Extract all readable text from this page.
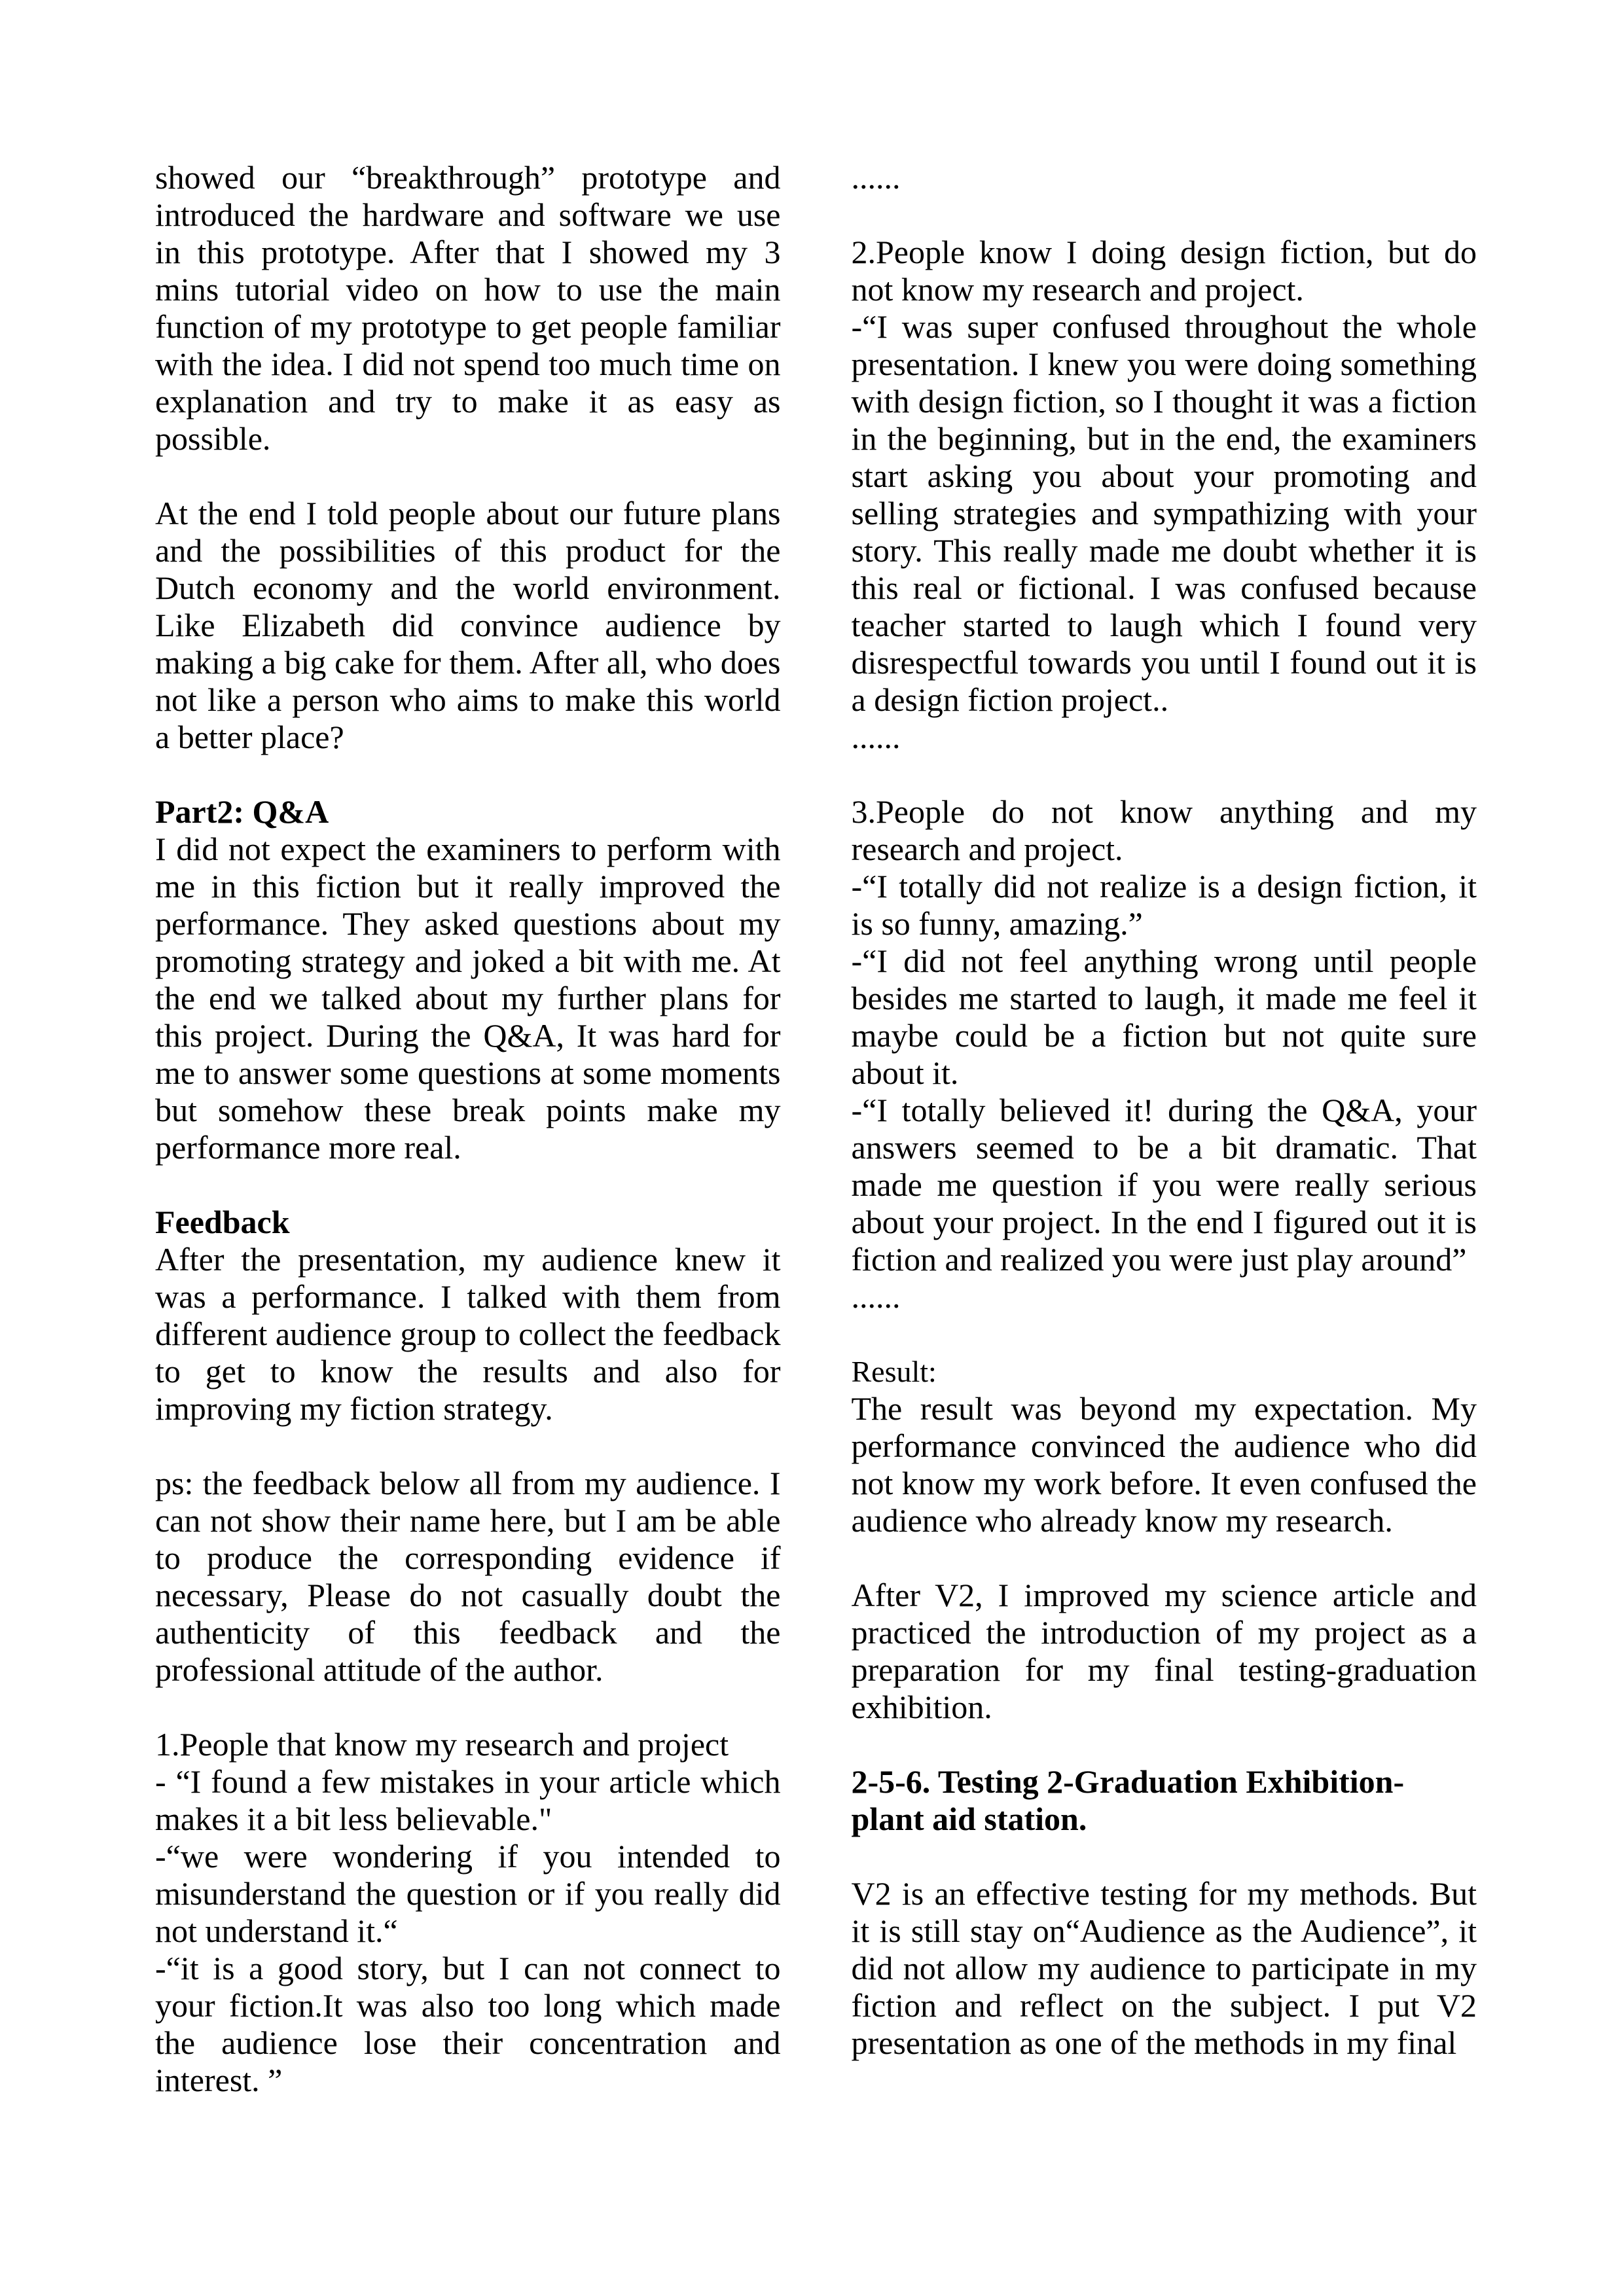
showed our “breakthrough” prototype and introduced the hardware and software we use in this prototype. After that I showed my 3 mins tutorial video on how to use the main function of my prototype to get people familiar with the idea. I did not spend too much time on explanation and try to make it as easy as possible.
At the end I told people about our future plans and the possibilities of this product for the Dutch economy and the world environment. Like Elizabeth did convince audience by making a big cake for them. After all, who does not like a person who aims to make this world a better place?
Part2: Q&A
I did not expect the examiners to perform with me in this fiction but it really improved the performance. They asked questions about my promoting strategy and joked a bit with me. At the end we talked about my further plans for this project. During the Q&A, It was hard for me to answer some questions at some moments but somehow these break points make my performance more real.
Feedback
After the presentation, my audience knew it was a performance. I talked with them from different audience group to collect the feedback to get to know the results and also for improving my fiction strategy.
ps: the feedback below all from my audience. I can not show their name here, but I am be able to produce the corresponding evidence if necessary, Please do not casually doubt the authenticity of this feedback and the professional attitude of the author.
1.People that know my research and project
- “I found a few mistakes in your article which makes it a bit less believable."
-“we were wondering if you intended to misunderstand the question or if you really did not understand it.“
-“it is a good story, but I can not connect to your fiction.It was also too long which made the audience lose their concentration and interest. ”
......
2.People know I doing design fiction, but do not know my research and project.
-“I was super confused throughout the whole presentation. I knew you were doing something with design fiction, so I thought it was a fiction in the beginning, but in the end, the examiners start asking you about your promoting and selling strategies and sympathizing with your story. This really made me doubt whether it is this real or fictional. I was confused because teacher started to laugh which I found very disrespectful towards you until I found out it is a design fiction project..
......
3.People do not know anything and my research and project.
-“I totally did not realize is a design fiction, it is so funny, amazing.”
-“I did not feel anything wrong until people besides me started to laugh, it made me feel it maybe could be a fiction but not quite sure about it.
-“I totally believed it! during the Q&A, your answers seemed to be a bit dramatic. That made me question if you were really serious about your project. In the end I figured out it is fiction and realized you were just play around”
......
Result:
The result was beyond my expectation. My performance convinced the audience who did not know my work before. It even confused the audience who already know my research.
After V2, I improved my science article and practiced the introduction of my project as a preparation for my final testing-graduation exhibition.
2-5-6. Testing 2-Graduation Exhibition-
plant aid station.
V2 is an effective testing for my methods. But it is still stay on“Audience as the Audience”, it did not allow my audience to participate in my fiction and reflect on the subject. I put V2 presentation as one of the methods in my final
